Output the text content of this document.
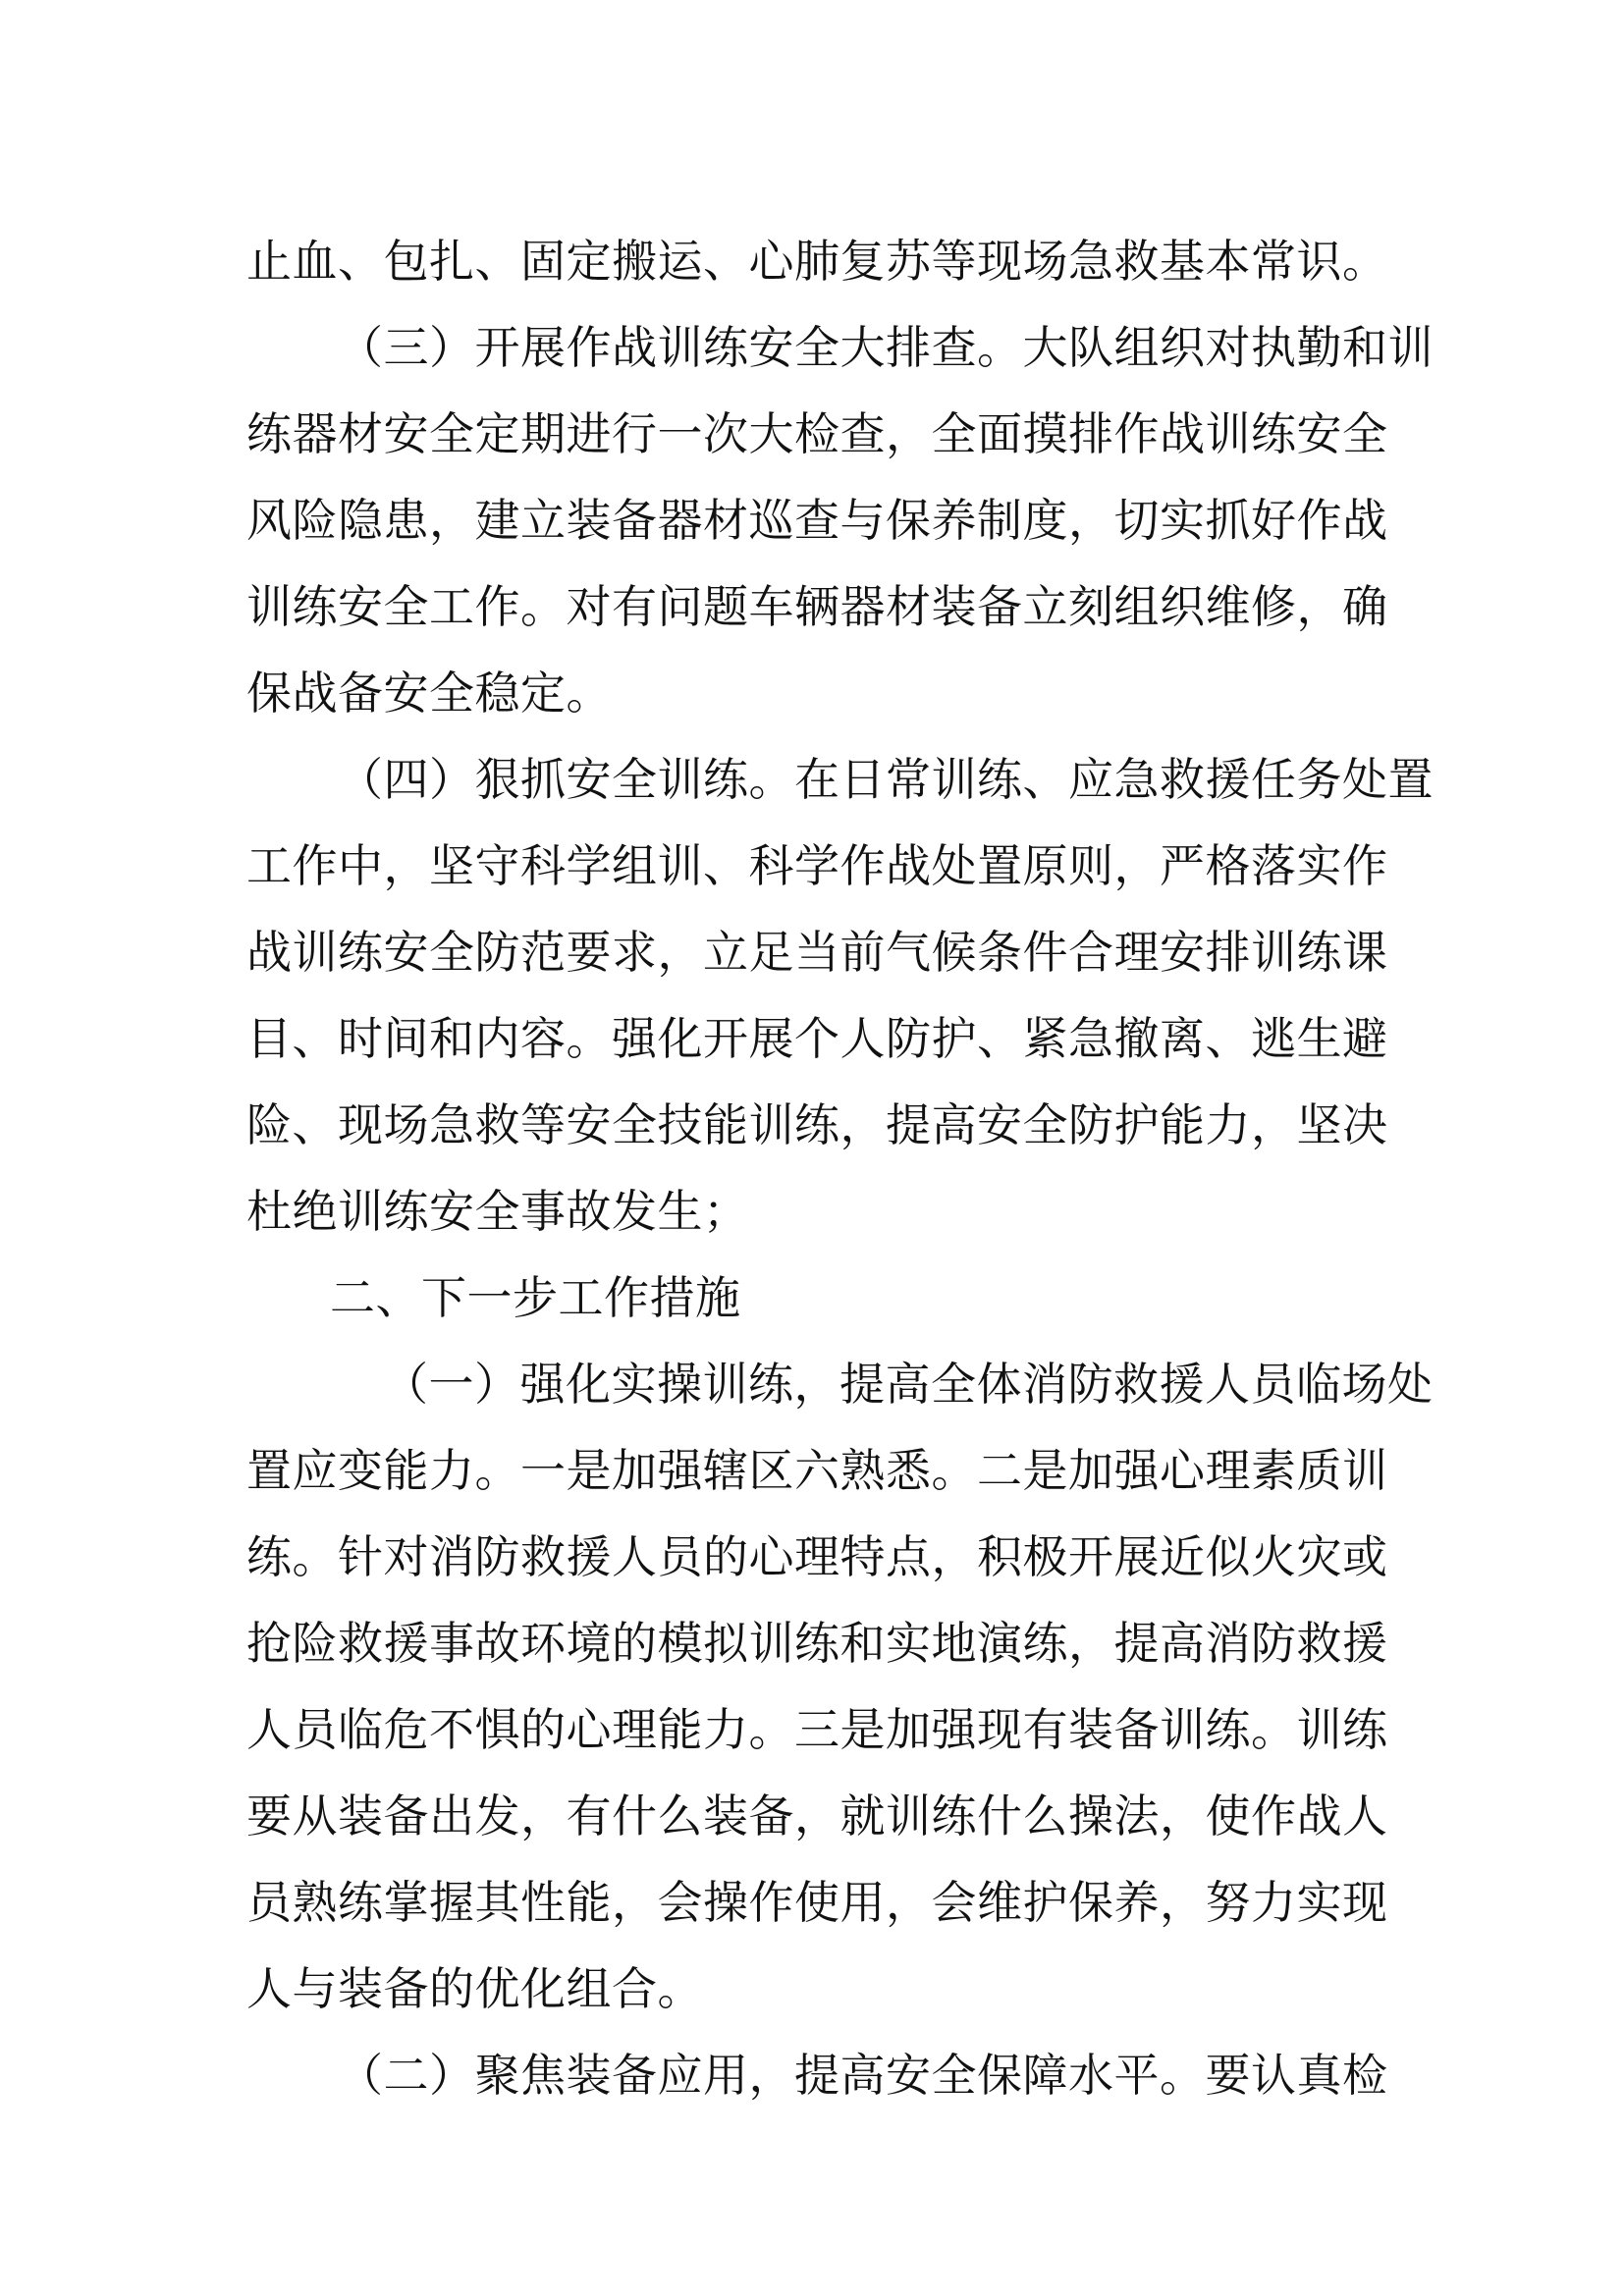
止血、包扎、固定搬运、心肺复苏等现场急救基本常识。
（三）开展作战训练安全大排查。大队组织对执勤和训
练器材安全定期进行一次大检查，全面摸排作战训练安全
风险隐患，建立装备器材巡查与保养制度，切实抓好作战
训练安全工作。对有问题车辆器材装备立刻组织维修，确
保战备安全稳定。
（四）狠抓安全训练。在日常训练、应急救援任务处置
工作中，坚守科学组训、科学作战处置原则，严格落实作
战训练安全防范要求，立足当前气候条件合理安排训练课
目、时间和内容。强化开展个人防护、紧急撤离、逃生避
险、现场急救等安全技能训练，提高安全防护能力，坚决
杜绝训练安全事故发生；
二、下一步工作措施
（一）强化实操训练，提高全体消防救援人员临场处
置应变能力。一是加强辖区六熟悉。二是加强心理素质训
练。针对消防救援人员的心理特点，积极开展近似火灾或
抢险救援事故环境的模拟训练和实地演练，提高消防救援
人员临危不惧的心理能力。三是加强现有装备训练。训练
要从装备出发，有什么装备，就训练什么操法，使作战人
员熟练掌握其性能，会操作使用，会维护保养，努力实现
人与装备的优化组合。
（二）聚焦装备应用，提高安全保障水平。要认真检
